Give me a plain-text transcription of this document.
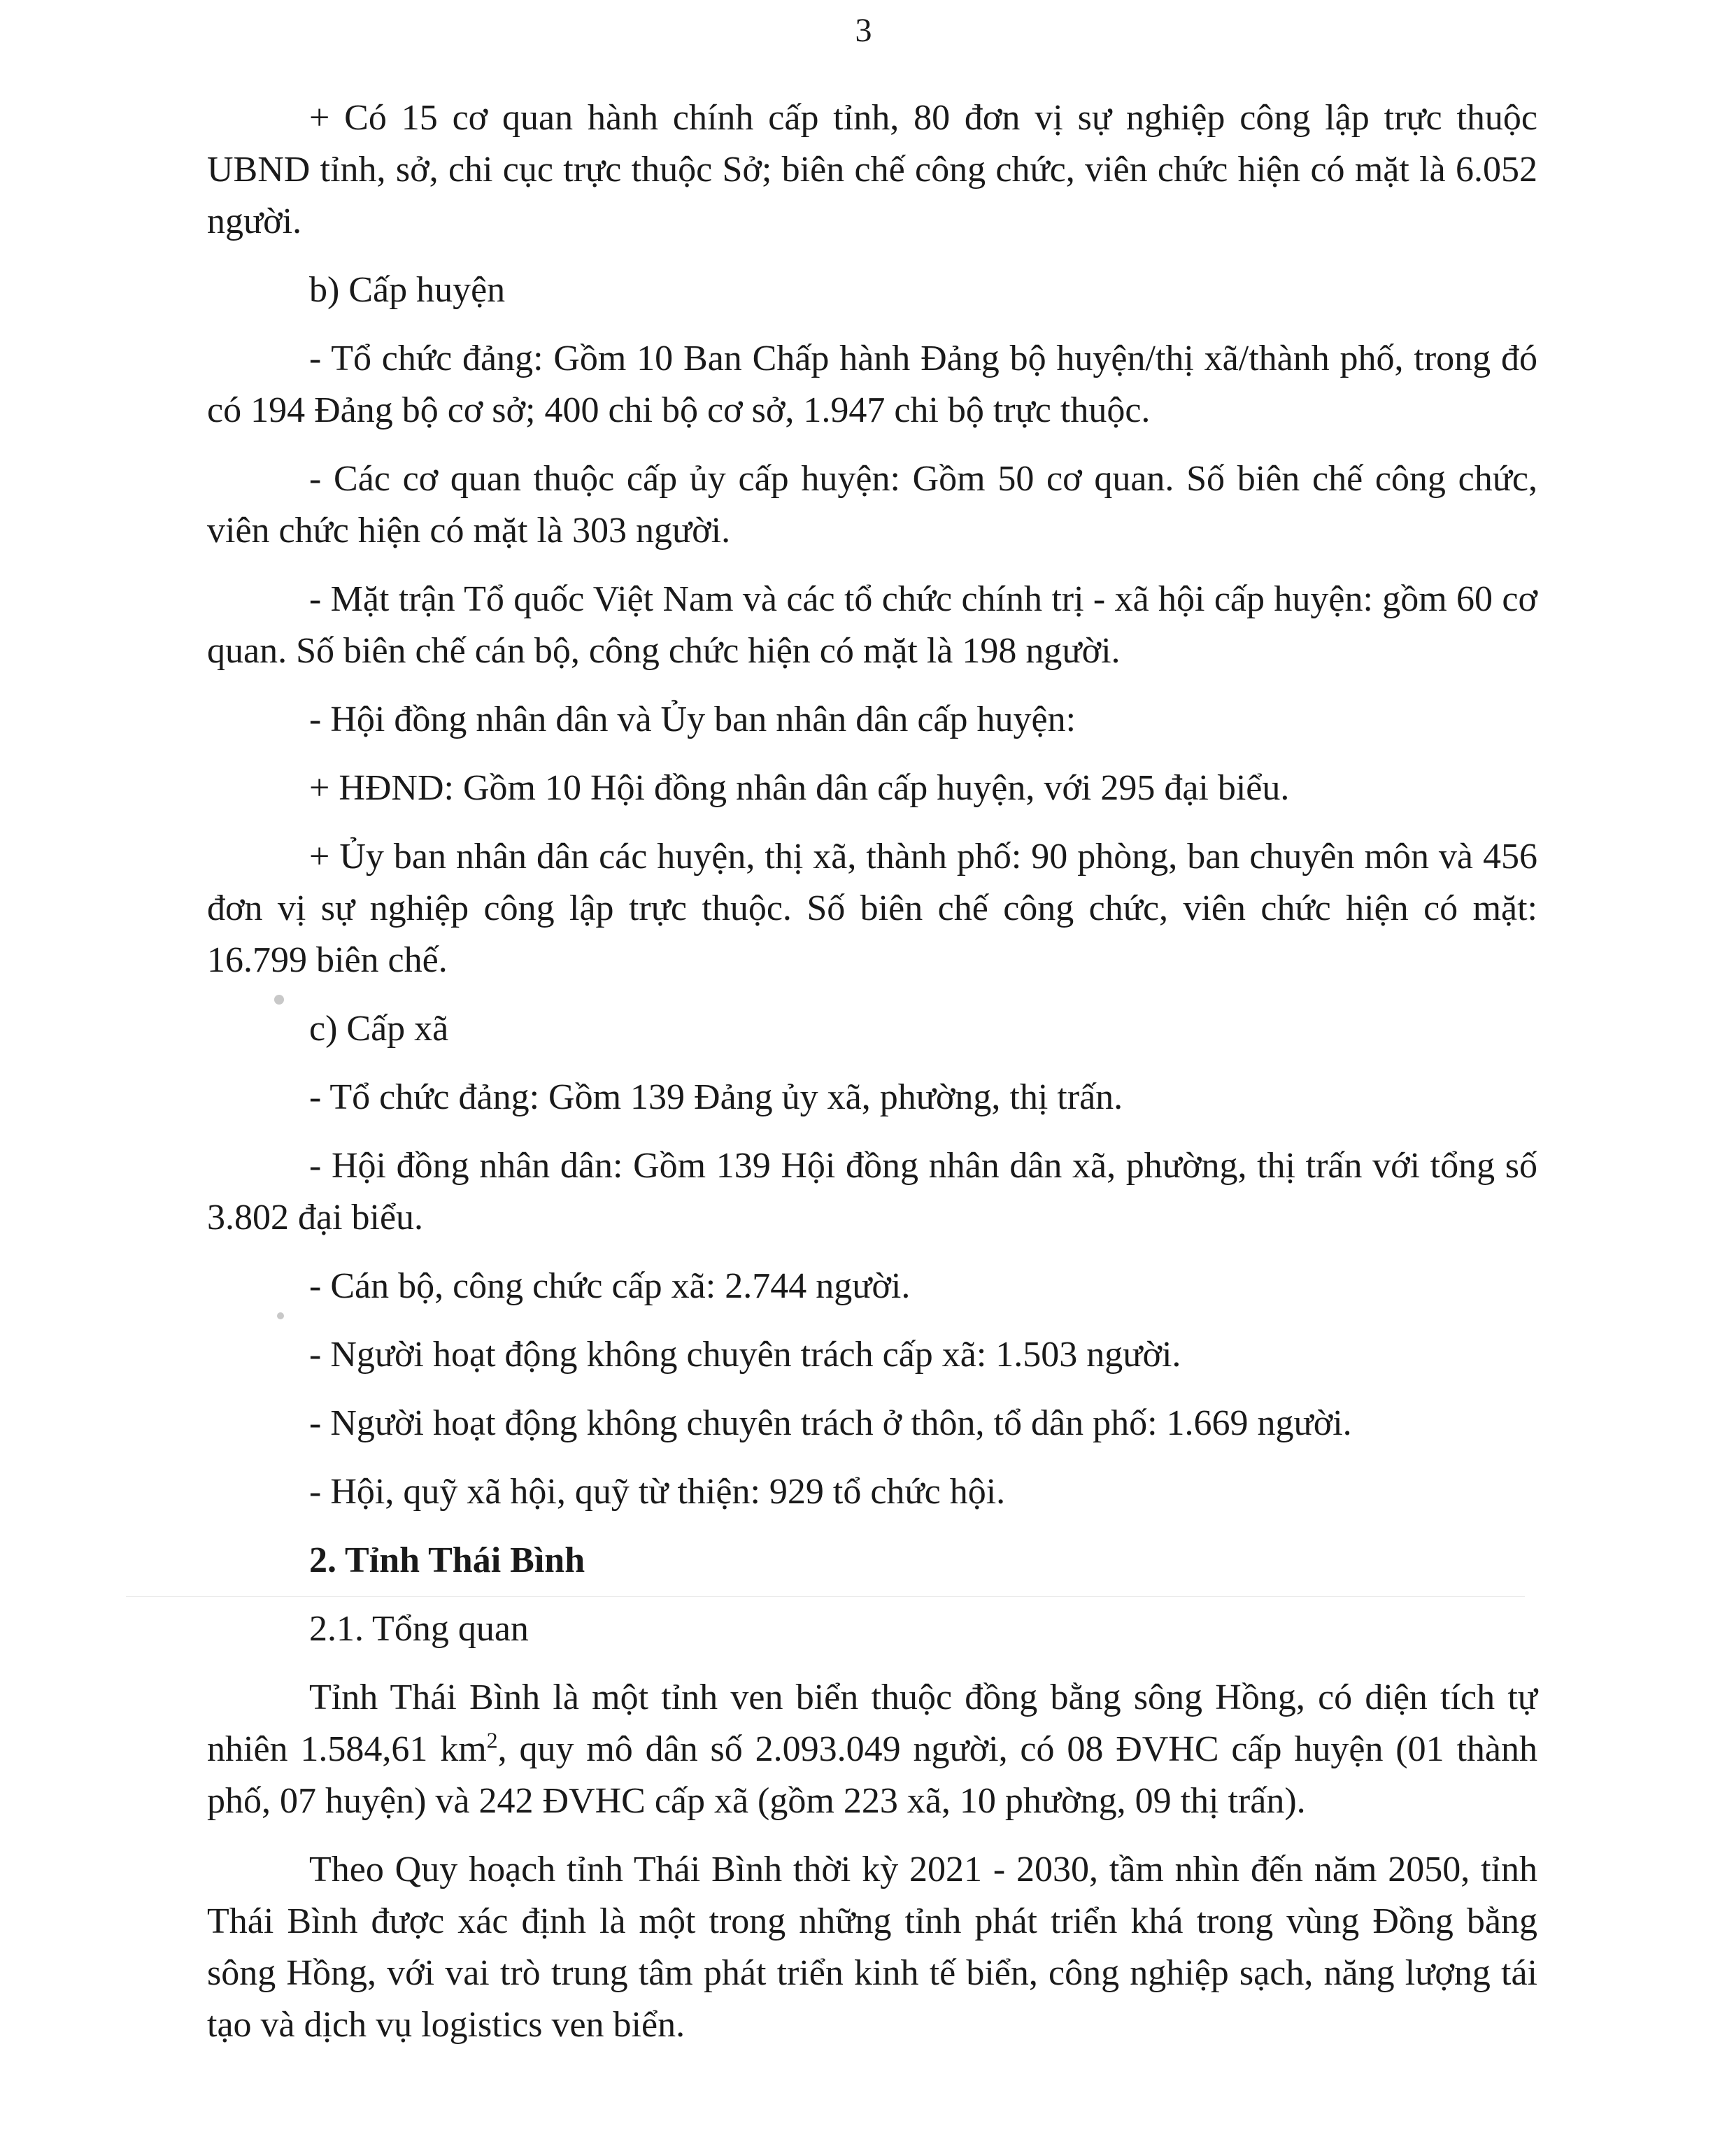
3

+ Có 15 cơ quan hành chính cấp tỉnh, 80 đơn vị sự nghiệp công lập trực thuộc UBND tỉnh, sở, chi cục trực thuộc Sở; biên chế công chức, viên chức hiện có mặt là 6.052 người.

b) Cấp huyện

- Tổ chức đảng: Gồm 10 Ban Chấp hành Đảng bộ huyện/thị xã/thành phố, trong đó có 194 Đảng bộ cơ sở; 400 chi bộ cơ sở, 1.947 chi bộ trực thuộc.

- Các cơ quan thuộc cấp ủy cấp huyện: Gồm 50 cơ quan. Số biên chế công chức, viên chức hiện có mặt là 303 người.

- Mặt trận Tổ quốc Việt Nam và các tổ chức chính trị - xã hội cấp huyện: gồm 60 cơ quan. Số biên chế cán bộ, công chức hiện có mặt là 198 người.

- Hội đồng nhân dân và Ủy ban nhân dân cấp huyện:

+ HĐND: Gồm 10 Hội đồng nhân dân cấp huyện, với 295 đại biểu.

+ Ủy ban nhân dân các huyện, thị xã, thành phố: 90 phòng, ban chuyên môn và 456 đơn vị sự nghiệp công lập trực thuộc. Số biên chế công chức, viên chức hiện có mặt: 16.799 biên chế.

c) Cấp xã

- Tổ chức đảng: Gồm 139 Đảng ủy xã, phường, thị trấn.

- Hội đồng nhân dân: Gồm 139 Hội đồng nhân dân xã, phường, thị trấn với tổng số 3.802 đại biểu.

- Cán bộ, công chức cấp xã: 2.744 người.

- Người hoạt động không chuyên trách cấp xã: 1.503 người.

- Người hoạt động không chuyên trách ở thôn, tổ dân phố: 1.669 người.

- Hội, quỹ xã hội, quỹ từ thiện: 929 tổ chức hội.

2. Tỉnh Thái Bình

2.1. Tổng quan

Tỉnh Thái Bình là một tỉnh ven biển thuộc đồng bằng sông Hồng, có diện tích tự nhiên 1.584,61 $km^2$, quy mô dân số 2.093.049 người, có 08 ĐVHC cấp huyện (01 thành phố, 07 huyện) và 242 ĐVHC cấp xã (gồm 223 xã, 10 phường, 09 thị trấn).

Theo Quy hoạch tỉnh Thái Bình thời kỳ 2021 - 2030, tầm nhìn đến năm 2050, tỉnh Thái Bình được xác định là một trong những tỉnh phát triển khá trong vùng Đồng bằng sông Hồng, với vai trò trung tâm phát triển kinh tế biển, công nghiệp sạch, năng lượng tái tạo và dịch vụ logistics ven biển.
